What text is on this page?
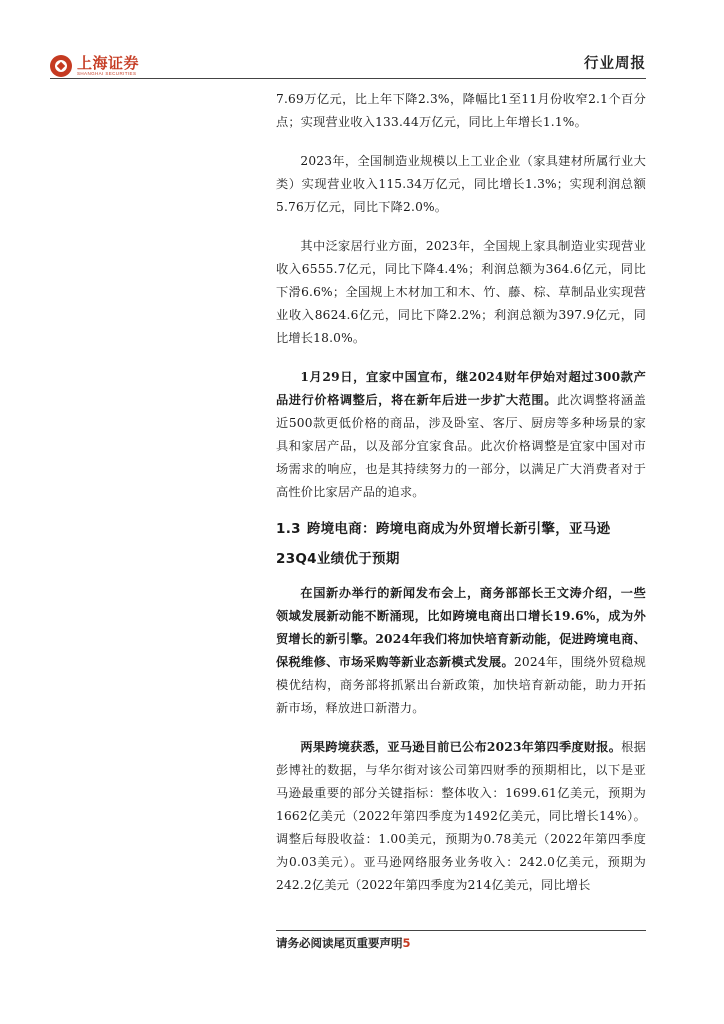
上海证券
SHANGHAI SECURITIES
行业周报

7.69万亿元，比上年下降2.3%，降幅比1至11月份收窄2.1个百分点；实现营业收入133.44万亿元，同比上年增长1.1%。

2023年，全国制造业规模以上工业企业（家具建材所属行业大类）实现营业收入115.34万亿元，同比增长1.3%；实现利润总额5.76万亿元，同比下降2.0%。

其中泛家居行业方面，2023年，全国规上家具制造业实现营业收入6555.7亿元，同比下降4.4%；利润总额为364.6亿元，同比下滑6.6%；全国规上木材加工和木、竹、藤、棕、草制品业实现营业收入8624.6亿元，同比下降2.2%；利润总额为397.9亿元，同比增长18.0%。

1月29日，宜家中国宣布，继2024财年伊始对超过300款产品进行价格调整后，将在新年后进一步扩大范围。此次调整将涵盖近500款更低价格的商品，涉及卧室、客厅、厨房等多种场景的家具和家居产品，以及部分宜家食品。此次价格调整是宜家中国对市场需求的响应，也是其持续努力的一部分，以满足广大消费者对于高性价比家居产品的追求。

1.3 跨境电商：跨境电商成为外贸增长新引擎，亚马逊23Q4业绩优于预期

在国新办举行的新闻发布会上，商务部部长王文涛介绍，一些领域发展新动能不断涌现，比如跨境电商出口增长19.6%，成为外贸增长的新引擎。2024年我们将加快培育新动能，促进跨境电商、保税维修、市场采购等新业态新模式发展。2024年，围绕外贸稳规模优结构，商务部将抓紧出台新政策，加快培育新动能，助力开拓新市场，释放进口新潜力。

两果跨境获悉，亚马逊目前已公布2023年第四季度财报。根据彭博社的数据，与华尔街对该公司第四财季的预期相比，以下是亚马逊最重要的部分关键指标：整体收入：1699.61亿美元，预期为1662亿美元（2022年第四季度为1492亿美元，同比增长14%）。调整后每股收益：1.00美元，预期为0.78美元（2022年第四季度为0.03美元）。亚马逊网络服务业务收入：242.0亿美元，预期为242.2亿美元（2022年第四季度为214亿美元，同比增长

请务必阅读尾页重要声明5
